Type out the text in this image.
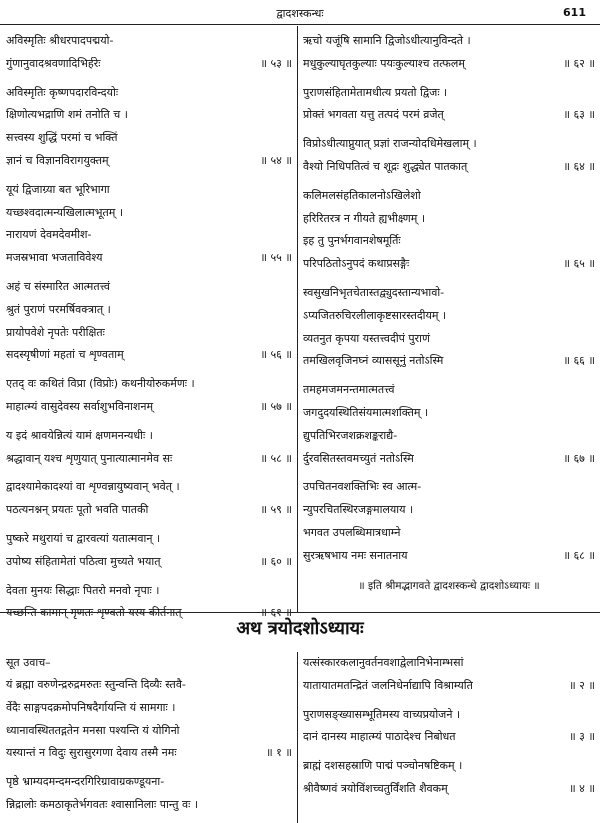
द्वादशस्कन्धः	611
अविस्मृतिः श्रीधरपादपद्मयो-
गुंणानुवादश्रवणादिभिर्हरेः	॥ ५३ ॥
अविस्मृतिः कृष्णपदारविन्दयोः
क्षिणोत्यभद्राणि शमं तनोति च ।
सत्त्वस्य शुद्धिं परमां च भक्तिं
ज्ञानं च विज्ञानविरागयुक्तम्	॥ ५४ ॥
यूयं द्विजाग्र्या बत भूरिभागा
यच्छश्वदात्मन्यखिलात्मभूतम् ।
नारायणं देवमदेवमीश-
मजस्रभावा भजताविवेश्य	॥ ५५ ॥
अहं च संस्मारित आत्मतत्त्वं
श्रुतं पुराणं परमर्षिवक्त्रात् ।
प्रायोपवेशे नृपतेः परीक्षितः
सदस्यृषीणां महतां च शृण्वताम्	॥ ५६ ॥
एतद् वः कथितं विप्रा (विप्रोः) कथनीयोरुकर्मणः ।
माहात्म्यं वासुदेवस्य सर्वाशुभविनाशनम्	॥ ५७ ॥
य इदं श्रावयेन्नित्यं यामं क्षणमनन्यधीः ।
श्रद्धावान् यश्च शृणुयात् पुनात्यात्मानमेव सः	॥ ५८ ॥
द्वादश्यामेकादश्यां वा शृण्वन्नायुष्यवान् भवेत् ।
पठत्यनश्नन् प्रयतः पूतो भवति पातकी	॥ ५९ ॥
पुष्करे मथुरायां च द्वारवत्यां यतात्मवान् ।
उपोष्य संहितामेतां पठित्वा मुच्यते भयात्	॥ ६० ॥
देवता मुनयः सिद्धाः पितरो मनवो नृपाः ।
ऋचो यजूंषि सामानि द्विजोऽधीत्यानुविन्दते ।
मधुकुल्याघृतकुल्याः पयःकुल्याश्च तत्फलम्	॥ ६२ ॥
पुराणसंहितामेतामधीत्य प्रयतो द्विजः ।
प्रोक्तं भगवता यत्तु तत्पदं परमं व्रजेत्	॥ ६३ ॥
विप्रोऽधीत्याप्नुयात् प्रज्ञां राजन्योदधिमेखलाम् ।
वैश्यो निधिपतित्वं च शूद्रः शुद्ध्येत पातकात्	॥ ६४ ॥
कलिमलसंहतिकालनोऽखिलेशो
हरिरितरत्र न गीयते ह्यभीक्ष्णम् ।
इह तु पुनर्भगवानशेषमूर्तिः
परिपठितोऽनुपदं कथाप्रसङ्गैः	॥ ६५ ॥
स्वसुखनिभृतचेतास्तद्व्युदस्तान्यभावो-
ऽप्यजितरुचिरलीलाकृष्टसारस्तदीयम् ।
व्यतनुत कृपया यस्तत्त्वदीपं पुराणं
तमखिलवृजिनघ्नं व्याससूनुं नतोऽस्मि	॥ ६६ ॥
तमहमजमनन्तमात्मतत्त्वं
जगदुदयस्थितिसंयमात्मशक्तिम् ।
द्युपतिभिरजशक्रशङ्कराद्यै-
र्दुरवसितस्तवमच्युतं नतोऽस्मि	॥ ६७ ॥
उपचितनवशक्तिभिः स्व आत्म-
न्युपरचितस्थिरजङ्गमालयाय ।
भगवत उपलब्धिमात्रधाम्ने
सुरऋषभाय नमः सनातनाय	॥ ६८ ॥
॥ इति श्रीमद्भागवते द्वादशस्कन्धे द्वादशोऽध्यायः ॥
अथ त्रयोदशोऽध्यायः
सूत उवाच–
यं ब्रह्मा वरुणेन्द्ररुद्रमरुतः स्तुन्वन्ति दिव्यैः स्तवै-
र्वेदैः साङ्गपदक्रमोपनिषदैर्गायन्ति यं सामगाः ।
ध्यानावस्थिततद्गतेन मनसा पश्यन्ति यं योगिनो
यस्यान्तं न विदुः सुरासुरगणा देवाय तस्मै नमः	॥ १ ॥
पृष्ठे भ्राम्यदमन्दमन्दरगिरिग्रावाग्रकण्डूयना-
न्निद्रालोः कमठाकृतेर्भगवतः श्वासानिलाः पान्तु वः ।
यत्संस्कारकलानुवर्तनवशाद्वेलानिभेनाम्भसां
यातायातमतन्द्रितं जलनिधेर्नाद्यापि विश्राम्यति	॥ २ ॥
पुराणसङ्ख्यासम्भूतिमस्य वाच्यप्रयोजने ।
दानं दानस्य माहात्म्यं पाठादेश्च निबोधत	॥ ३ ॥
ब्राह्मं दशसहस्राणि पाद्मं पञ्चोनषष्टिकम् ।
श्रीवैष्णवं त्रयोविंशच्चतुर्विंशति शैवकम्	॥ ४ ॥
